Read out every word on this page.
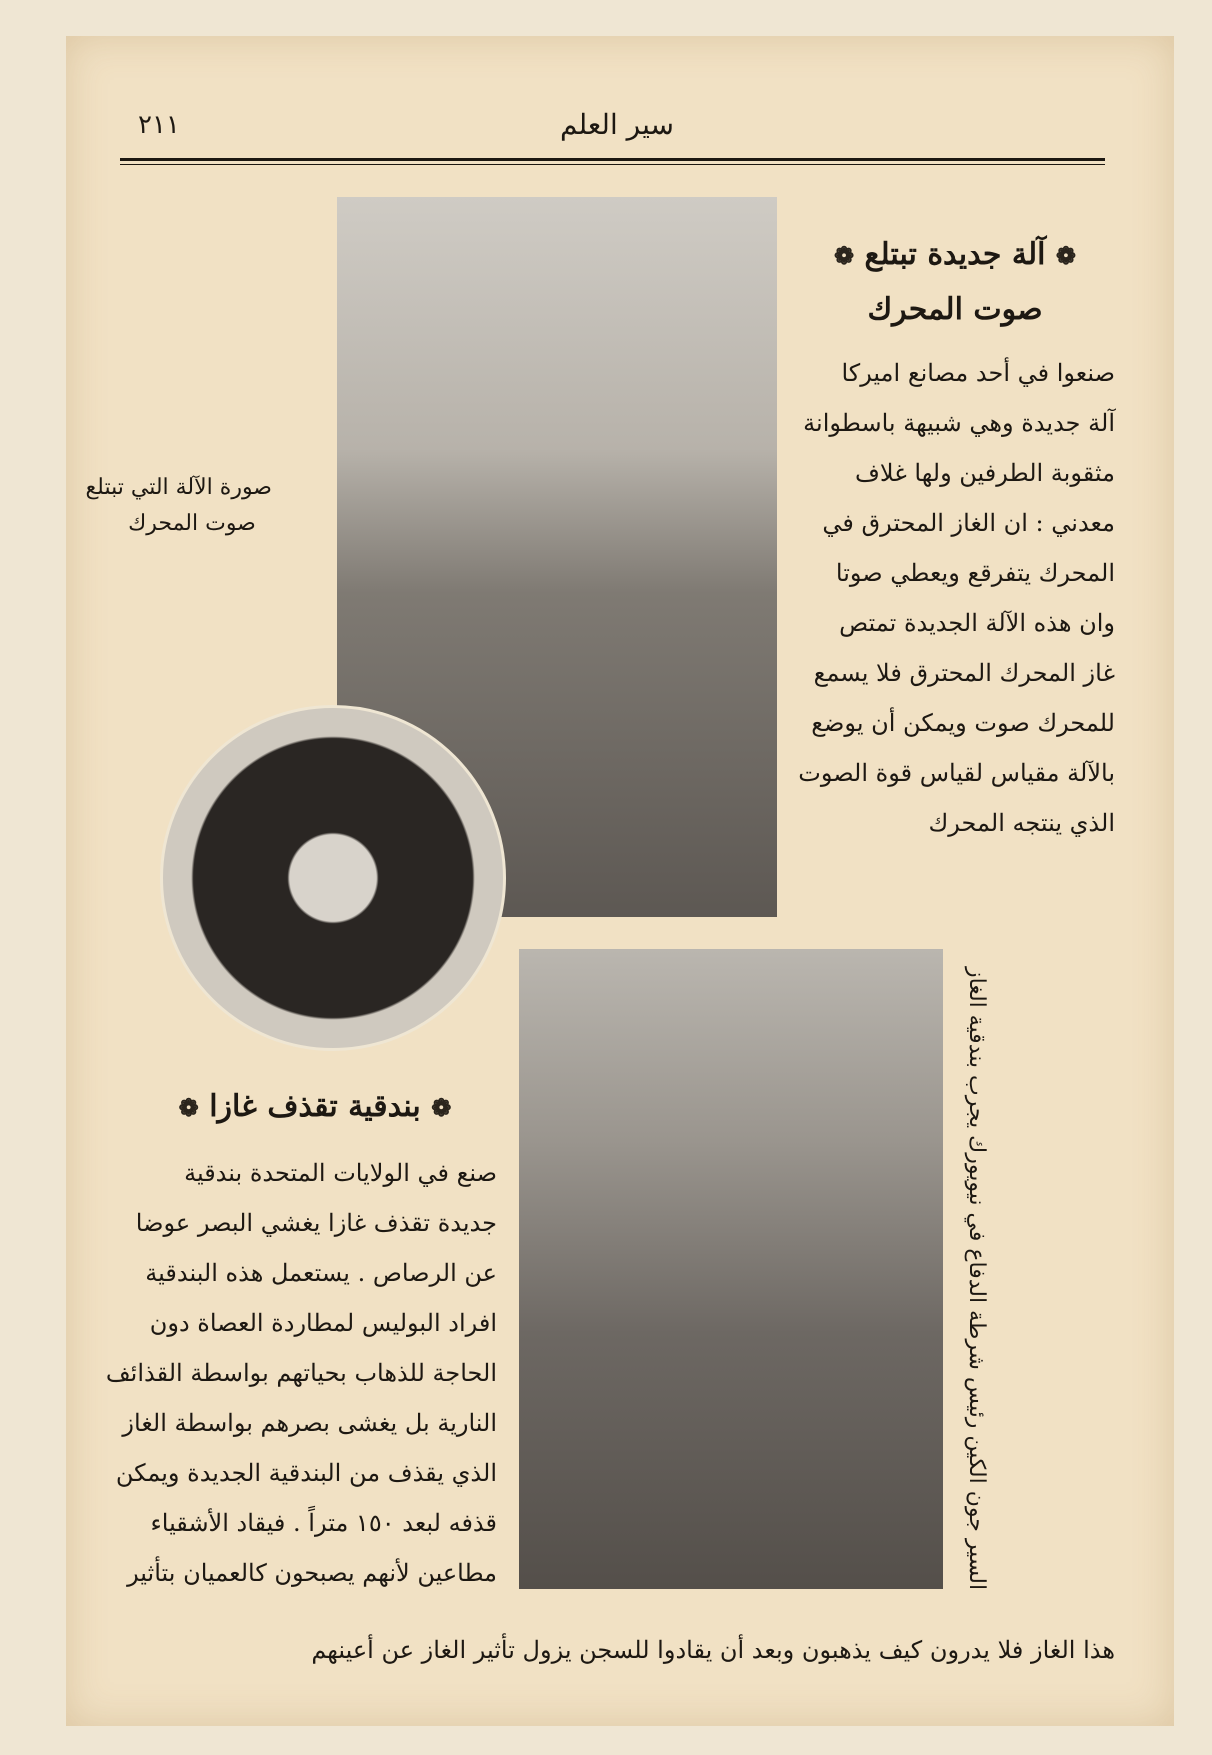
٢١١	سير العلم
صورة الآلة التي تبتلع
صوت المحرك
السير جون الكين رئيس شرطة الدفاع في نيويورك يجرب بندقية الغاز
❁ آلة جديدة تبتلع ❁
صوت المحرك
صنعوا في أحد مصانع اميركا
آلة جديدة وهي شبيهة باسطوانة
مثقوبة الطرفين ولها غلاف
معدني : ان الغاز المحترق في
المحرك يتفرقع ويعطي صوتا
وان هذه الآلة الجديدة تمتص
غاز المحرك المحترق فلا يسمع
للمحرك صوت ويمكن أن يوضع
بالآلة مقياس لقياس قوة الصوت
الذي ينتجه المحرك
❁ بندقية تقذف غازا ❁
صنع في الولايات المتحدة بندقية
جديدة تقذف غازا يغشي البصر عوضا
عن الرصاص . يستعمل هذه البندقية
افراد البوليس لمطاردة العصاة دون
الحاجة للذهاب بحياتهم بواسطة القذائف
النارية بل يغشى بصرهم بواسطة الغاز
الذي يقذف من البندقية الجديدة ويمكن
قذفه لبعد ١٥٠ متراً . فيقاد الأشقياء
مطاعين لأنهم يصبحون كالعميان بتأثير
هذا الغاز فلا يدرون كيف يذهبون وبعد أن يقادوا للسجن يزول تأثير الغاز عن أعينهم
